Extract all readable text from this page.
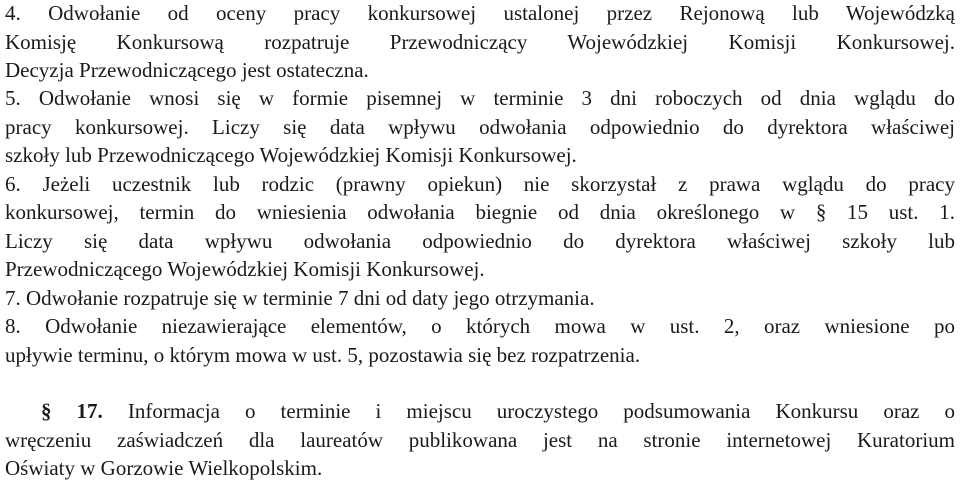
4. Odwołanie od oceny pracy konkursowej ustalonej przez Rejonową lub Wojewódzką
Komisję Konkursową rozpatruje Przewodniczący Wojewódzkiej Komisji Konkursowej.
Decyzja Przewodniczącego jest ostateczna.
5. Odwołanie wnosi się w formie pisemnej w terminie 3 dni roboczych od dnia wglądu do
pracy konkursowej. Liczy się data wpływu odwołania odpowiednio do dyrektora właściwej
szkoły lub Przewodniczącego Wojewódzkiej Komisji Konkursowej.
6. Jeżeli uczestnik lub rodzic (prawny opiekun) nie skorzystał z prawa wglądu do pracy
konkursowej, termin do wniesienia odwołania biegnie od dnia określonego w § 15 ust. 1.
Liczy się data wpływu odwołania odpowiednio do dyrektora właściwej szkoły lub
Przewodniczącego Wojewódzkiej Komisji Konkursowej.
7. Odwołanie rozpatruje się w terminie 7 dni od daty jego otrzymania.
8. Odwołanie niezawierające elementów, o których mowa w ust. 2, oraz wniesione po
upływie terminu, o którym mowa w ust. 5, pozostawia się bez rozpatrzenia.
§ 17. Informacja o terminie i miejscu uroczystego podsumowania Konkursu oraz o
wręczeniu zaświadczeń dla laureatów publikowana jest na stronie internetowej Kuratorium
Oświaty w Gorzowie Wielkopolskim.
